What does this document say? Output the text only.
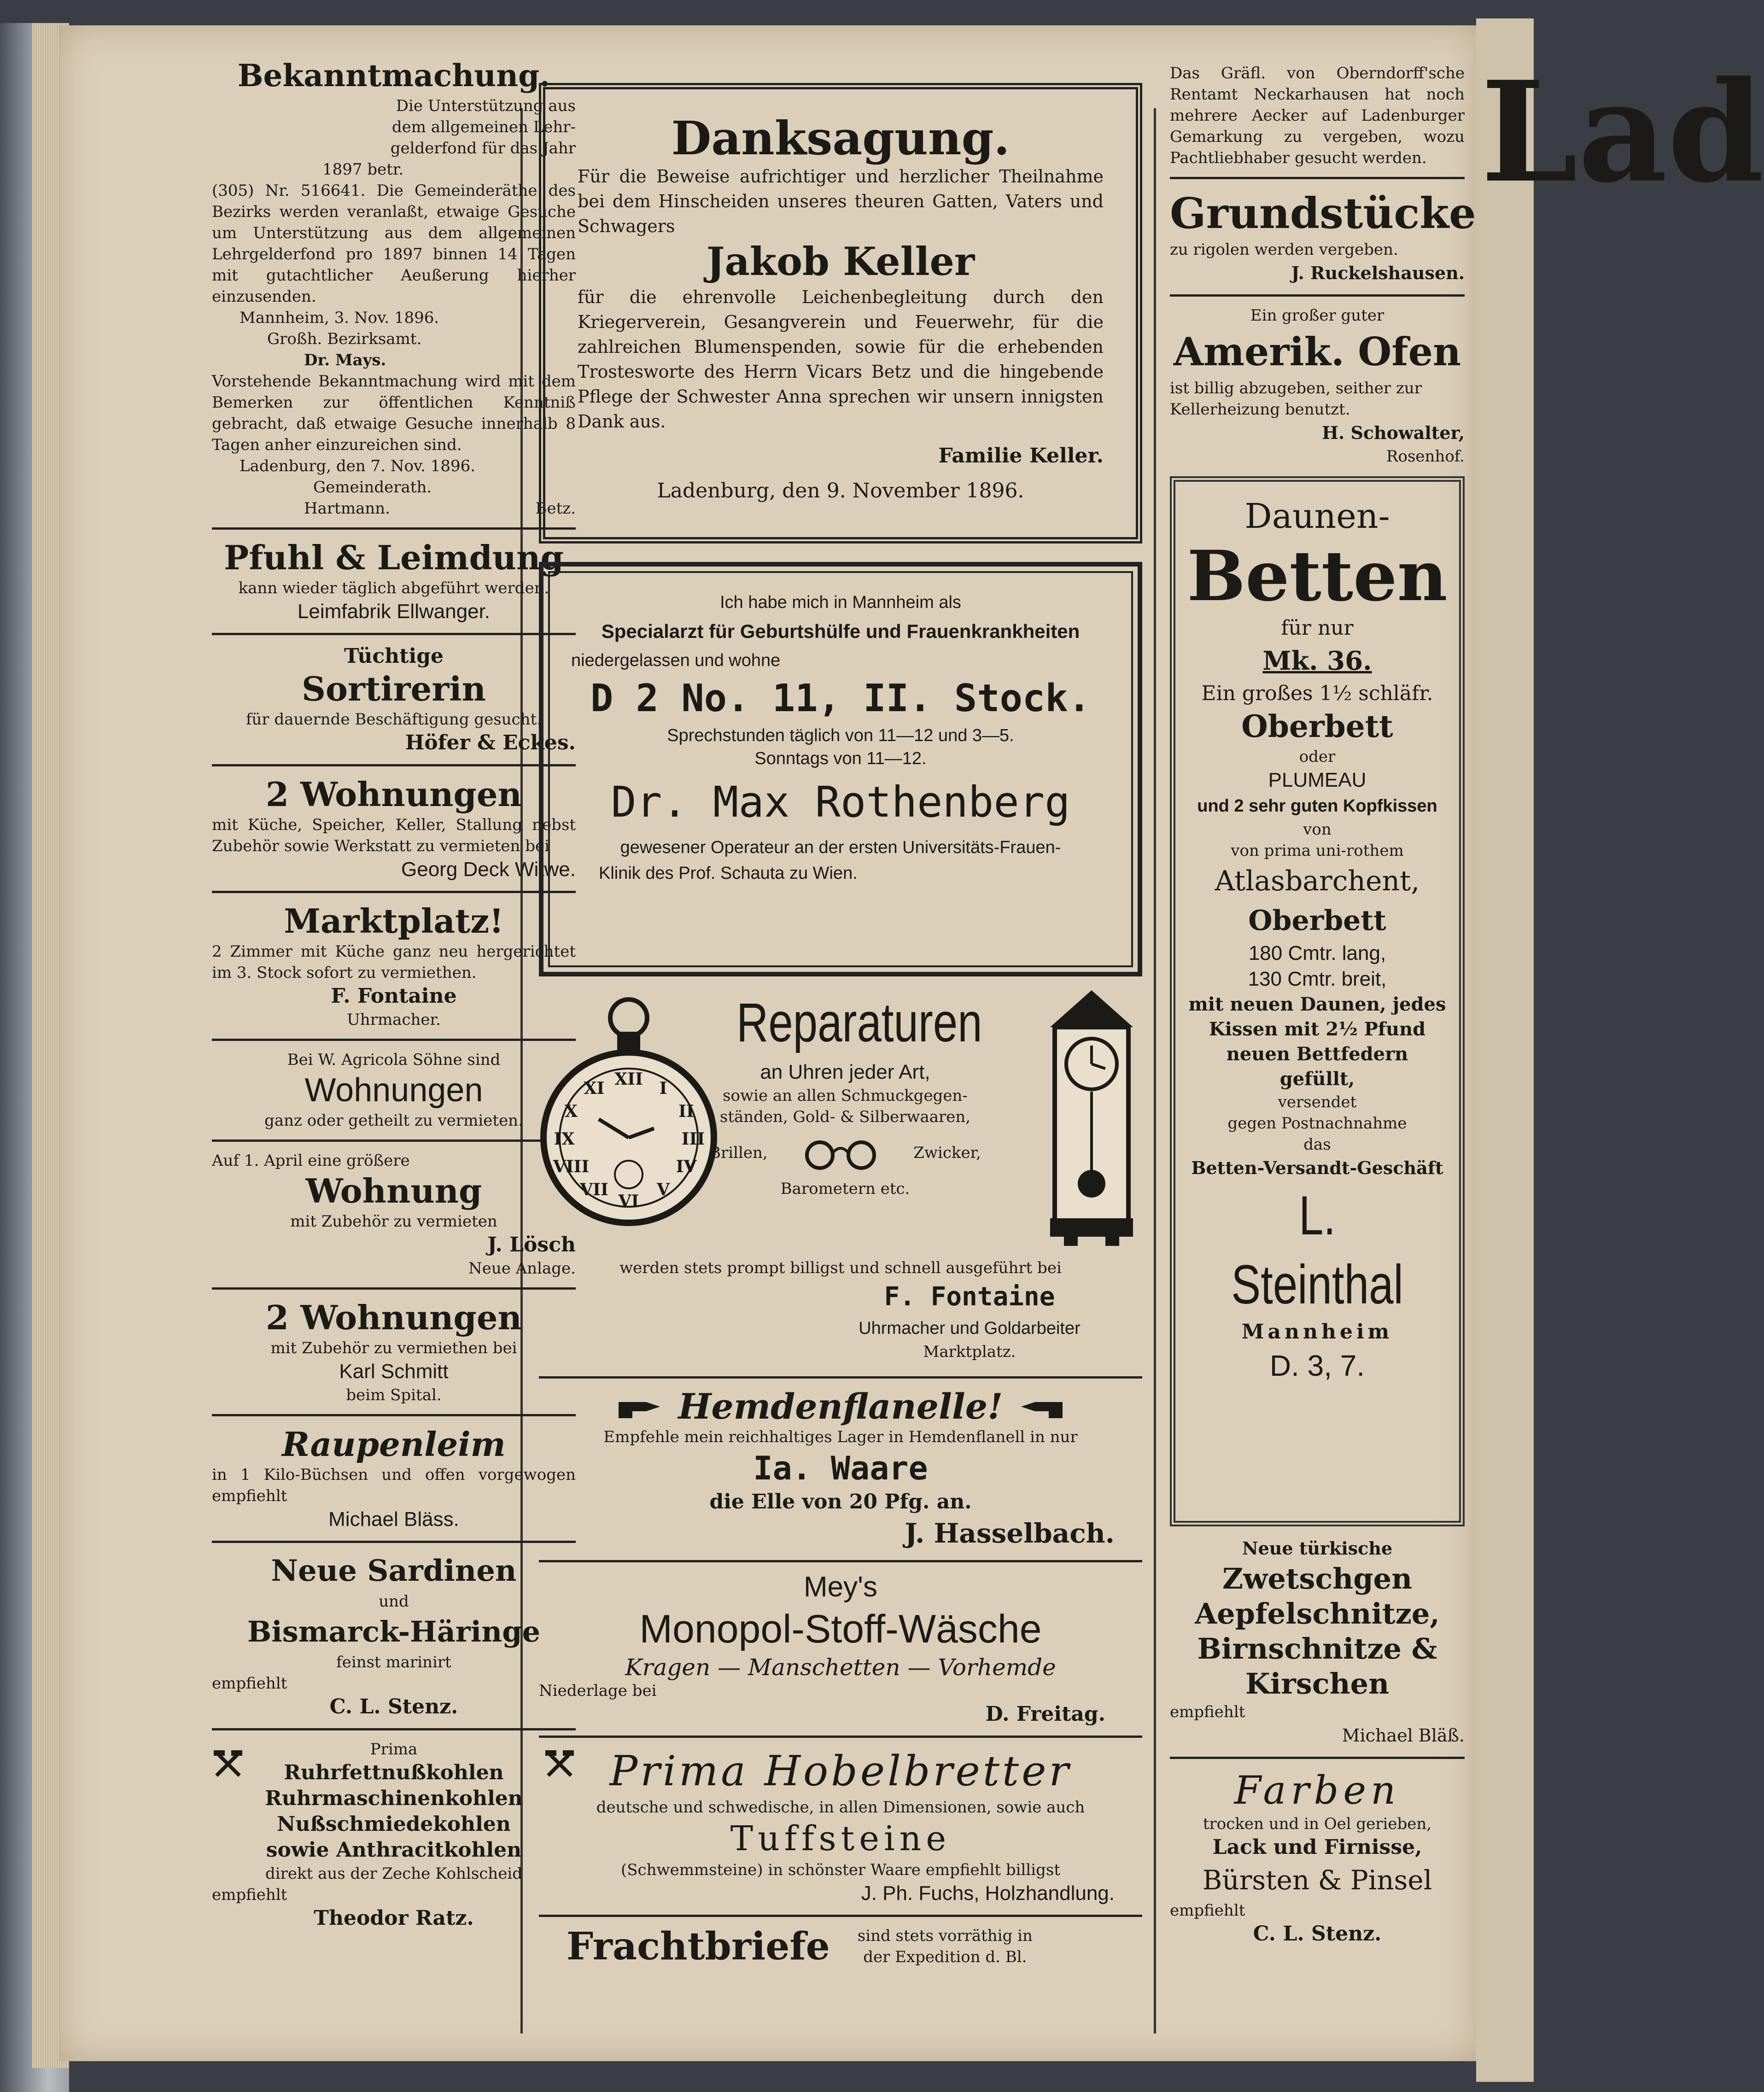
Bekanntmachung.
Die Unterstützung aus
dem allgemeinen Lehr-
gelderfond für das Jahr
1897 betr.
(305) Nr. 516641. Die Gemeinderäthe des Bezirks werden veranlaßt, etwaige Gesuche um Unterstützung aus dem allgemeinen Lehrgelderfond pro 1897 binnen 14 Tagen mit gutachtlicher Aeußerung hierher einzusenden.
Mannheim, 3. Nov. 1896.
Großh. Bezirksamt.
Dr. Mays.
Vorstehende Bekanntmachung wird mit dem Bemerken zur öffentlichen Kenntniß gebracht, daß etwaige Gesuche innerhalb 8 Tagen anher einzureichen sind.
Ladenburg, den 7. Nov. 1896.
Gemeinderath.
Hartmann.	Betz.
Pfuhl & Leimdung
kann wieder täglich abgeführt werden.
Leimfabrik Ellwanger.
Tüchtige
Sortirerin
für dauernde Beschäftigung gesucht.
Höfer & Eckes.
2 Wohnungen
mit Küche, Speicher, Keller, Stallung nebst Zubehör sowie Werkstatt zu vermieten bei
Georg Deck Witwe.
Marktplatz!
2 Zimmer mit Küche ganz neu hergerichtet im 3. Stock sofort zu vermiethen.
F. Fontaine
Uhrmacher.
Bei W. Agricola Söhne sind
Wohnungen
ganz oder getheilt zu vermieten.
Auf 1. April eine größere
Wohnung
mit Zubehör zu vermieten
J. Lösch
Neue Anlage.
2 Wohnungen
mit Zubehör zu vermiethen bei
Karl Schmitt
beim Spital.
Raupenleim
in 1 Kilo-Büchsen und offen vorgewogen empfiehlt
Michael Bläss.
Neue Sardinen
und
Bismarck-Häringe
feinst marinirt
empfiehlt
C. L. Stenz.
Prima
Ruhrfettnußkohlen
Ruhrmaschinenkohlen
Nußschmiedekohlen
sowie Anthracitkohlen
direkt aus der Zeche Kohlscheid
empfiehlt
Theodor Ratz.
Danksagung.
Für die Beweise aufrichtiger und herzlicher Theilnahme bei dem Hinscheiden unseres theuren Gatten, Vaters und Schwagers
Jakob Keller
für die ehrenvolle Leichenbegleitung durch den Kriegerverein, Gesangverein und Feuerwehr, für die zahlreichen Blumenspenden, sowie für die erhebenden Trostesworte des Herrn Vicars Betz und die hingebende Pflege der Schwester Anna sprechen wir unsern innigsten Dank aus.
Familie Keller.
Ladenburg, den 9. November 1896.
Ich habe mich in Mannheim als
Specialarzt für Geburtshülfe und Frauenkrankheiten
niedergelassen und wohne
D 2 No. 11, II. Stock.
Sprechstunden täglich von 11—12 und 3—5.
Sonntags von 11—12.
Dr. Max Rothenberg
gewesener Operateur an der ersten Universitäts-Frauen-
Klinik des Prof. Schauta zu Wien.
XII I
II
III
IV
V
VI
VII
VIII
IX
X
XI
Reparaturen
an Uhren jeder Art,
sowie an allen Schmuckgegen-
ständen, Gold- & Silberwaaren,
Brillen,	Zwicker,
Barometern etc.
werden stets prompt billigst und schnell ausgeführt bei
F. Fontaine
Uhrmacher und Goldarbeiter
Marktplatz.
Hemdenflanelle!
Empfehle mein reichhaltiges Lager in Hemdenflanell in nur
Ia. Waare
die Elle von 20 Pfg. an.
J. Hasselbach.
Mey's
Monopol-Stoff-Wäsche
Kragen — Manschetten — Vorhemde
Niederlage bei
D. Freitag.
Prima Hobelbretter
deutsche und schwedische, in allen Dimensionen, sowie auch
Tuffsteine
(Schwemmsteine) in schönster Waare empfiehlt billigst
J. Ph. Fuchs, Holzhandlung.
Frachtbriefe	sind stets vorräthig in der Expedition d. Bl.
Das Gräfl. von Oberndorff'sche Rentamt Neckarhausen hat noch mehrere Aecker auf Ladenburger Gemarkung zu vergeben, wozu Pachtliebhaber gesucht werden.
Grundstücke
zu rigolen werden vergeben.
J. Ruckelshausen.
Ein großer guter
Amerik. Ofen
ist billig abzugeben, seither zur Kellerheizung benutzt.
H. Schowalter,
Rosenhof.
Daunen-
Betten
für nur
Mk. 36.
Ein großes 1½ schläfr.
Oberbett
oder
PLUMEAU
und 2 sehr guten Kopfkissen
von
von prima uni-rothem
Atlasbarchent,
Oberbett
180 Cmtr. lang,
130 Cmtr. breit,
mit neuen Daunen, jedes Kissen mit 2½ Pfund neuen Bettfedern gefüllt,
versendet
gegen Postnachnahme
das
Betten-Versandt-Geschäft
L. Steinthal
Mannheim
D. 3, 7.
Neue türkische
Zwetschgen
Aepfelschnitze,
Birnschnitze &
Kirschen
empfiehlt
Michael Bläß.
Farben
trocken und in Oel gerieben,
Lack und Firnisse,
Bürsten & Pinsel
empfiehlt
C. L. Stenz.
Lad
